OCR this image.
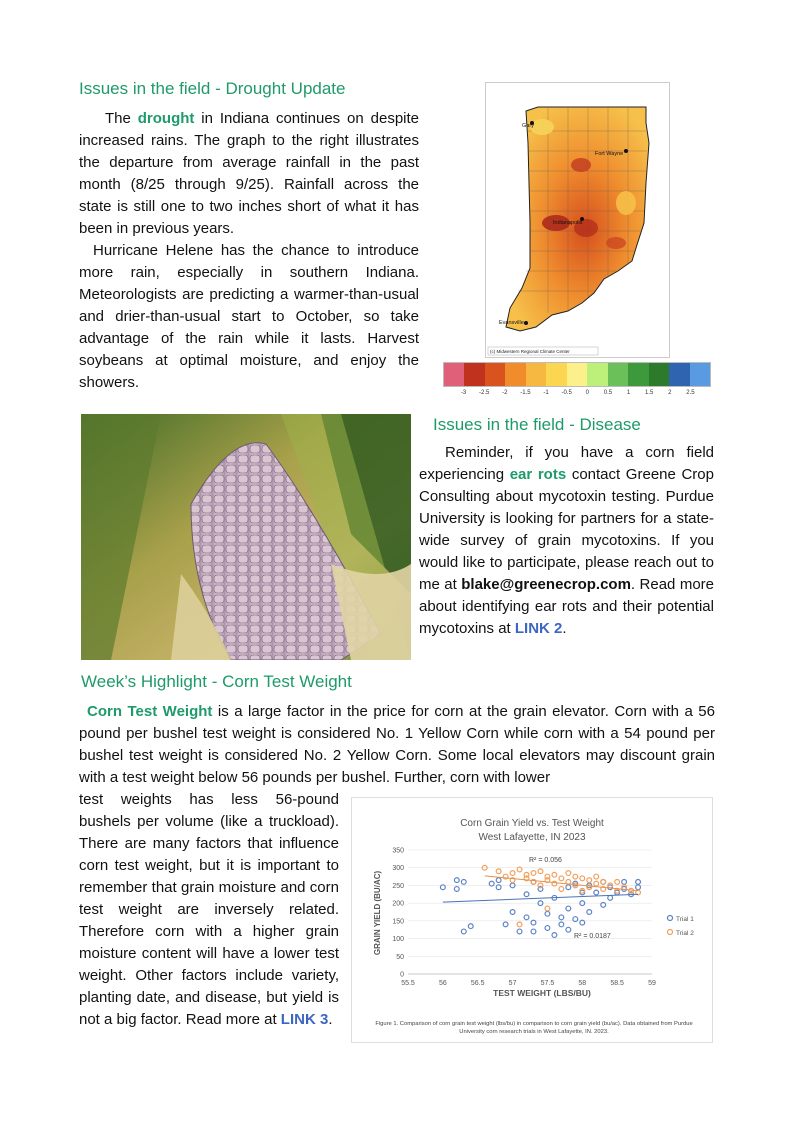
Issues in the field - Drought Update

The drought in Indiana continues on despite increased rains. The graph to the right illustrates the departure from average rainfall in the past month (8/25 through 9/25). Rainfall across the state is still one to two inches short of what it has been in previous years.

Hurricane Helene has the chance to introduce more rain, especially in southern Indiana. Meteorologists are predicting a warmer-than-usual and drier-than-usual start to October, so take advantage of the rain while it lasts. Harvest soybeans at optimal moisture, and enjoy the showers.

Gary
Fort Wayne
Indianapolis
Evansville
(c) Midwestern Regional Climate Center
-3 -2.5 -2 -1.5 -1 -0.5 0 0.5 1 1.5 2 2.5
Issues in the field - Disease

Reminder, if you have a corn field experiencing ear rots contact Greene Crop Consulting about mycotoxin testing. Purdue University is looking for partners for a state-wide survey of grain mycotoxins. If you would like to participate, please reach out to me at blake@greenecrop.com. Read more about identifying ear rots and their potential mycotoxins at LINK 2.

Week’s Highlight - Corn Test Weight

Corn Test Weight is a large factor in the price for corn at the grain elevator. Corn with a 56 pound per bushel test weight is considered No. 1 Yellow Corn while corn with a 54 pound per bushel test weight is considered No. 2 Yellow Corn. Some local elevators may discount grain with a test weight below 56 pounds per bushel. Further, corn with lower

test weights has less 56-pound bushels per volume (like a truckload). There are many factors that influence corn test weight, but it is important to remember that grain moisture and corn test weight are inversely related. Therefore corn with a higher grain moisture content will have a lower test weight. Other factors include variety, planting date, and disease, but yield is not a big factor. Read more at LINK 3.

Corn Grain Yield vs. Test Weight
West Lafayette, IN 2023
GRAIN YIELD (BU/AC)
TEST WEIGHT (LBS/BU)
0
50
100
150
200
250
300
350
55.5	56	56.5	57	57.5	58	58.5	59
R² = 0.056
R² = 0.0187
Trial 1
Trial 2
Figure 1. Comparison of corn grain test weight (lbs/bu) in comparison to corn grain yield (bu/ac). Data obtained from Purdue University corn research trials in West Lafayette, IN. 2023.
